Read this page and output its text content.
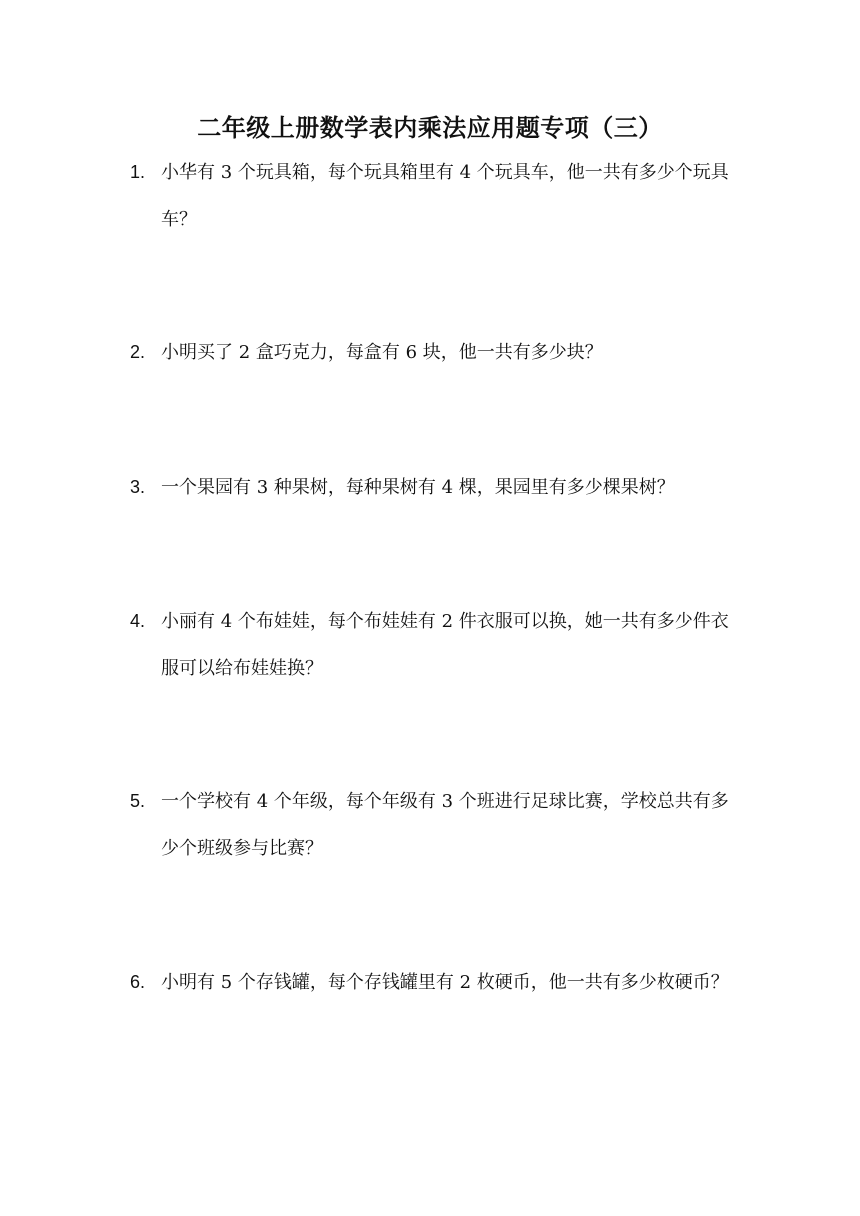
二年级上册数学表内乘法应用题专项（三）
1. 小华有 3 个玩具箱，每个玩具箱里有 4 个玩具车，他一共有多少个玩具车？
2. 小明买了 2 盒巧克力，每盒有 6 块，他一共有多少块？
3. 一个果园有 3 种果树，每种果树有 4 棵，果园里有多少棵果树？
4. 小丽有 4 个布娃娃，每个布娃娃有 2 件衣服可以换，她一共有多少件衣服可以给布娃娃换？
5. 一个学校有 4 个年级，每个年级有 3 个班进行足球比赛，学校总共有多少个班级参与比赛？
6. 小明有 5 个存钱罐，每个存钱罐里有 2 枚硬币，他一共有多少枚硬币？
